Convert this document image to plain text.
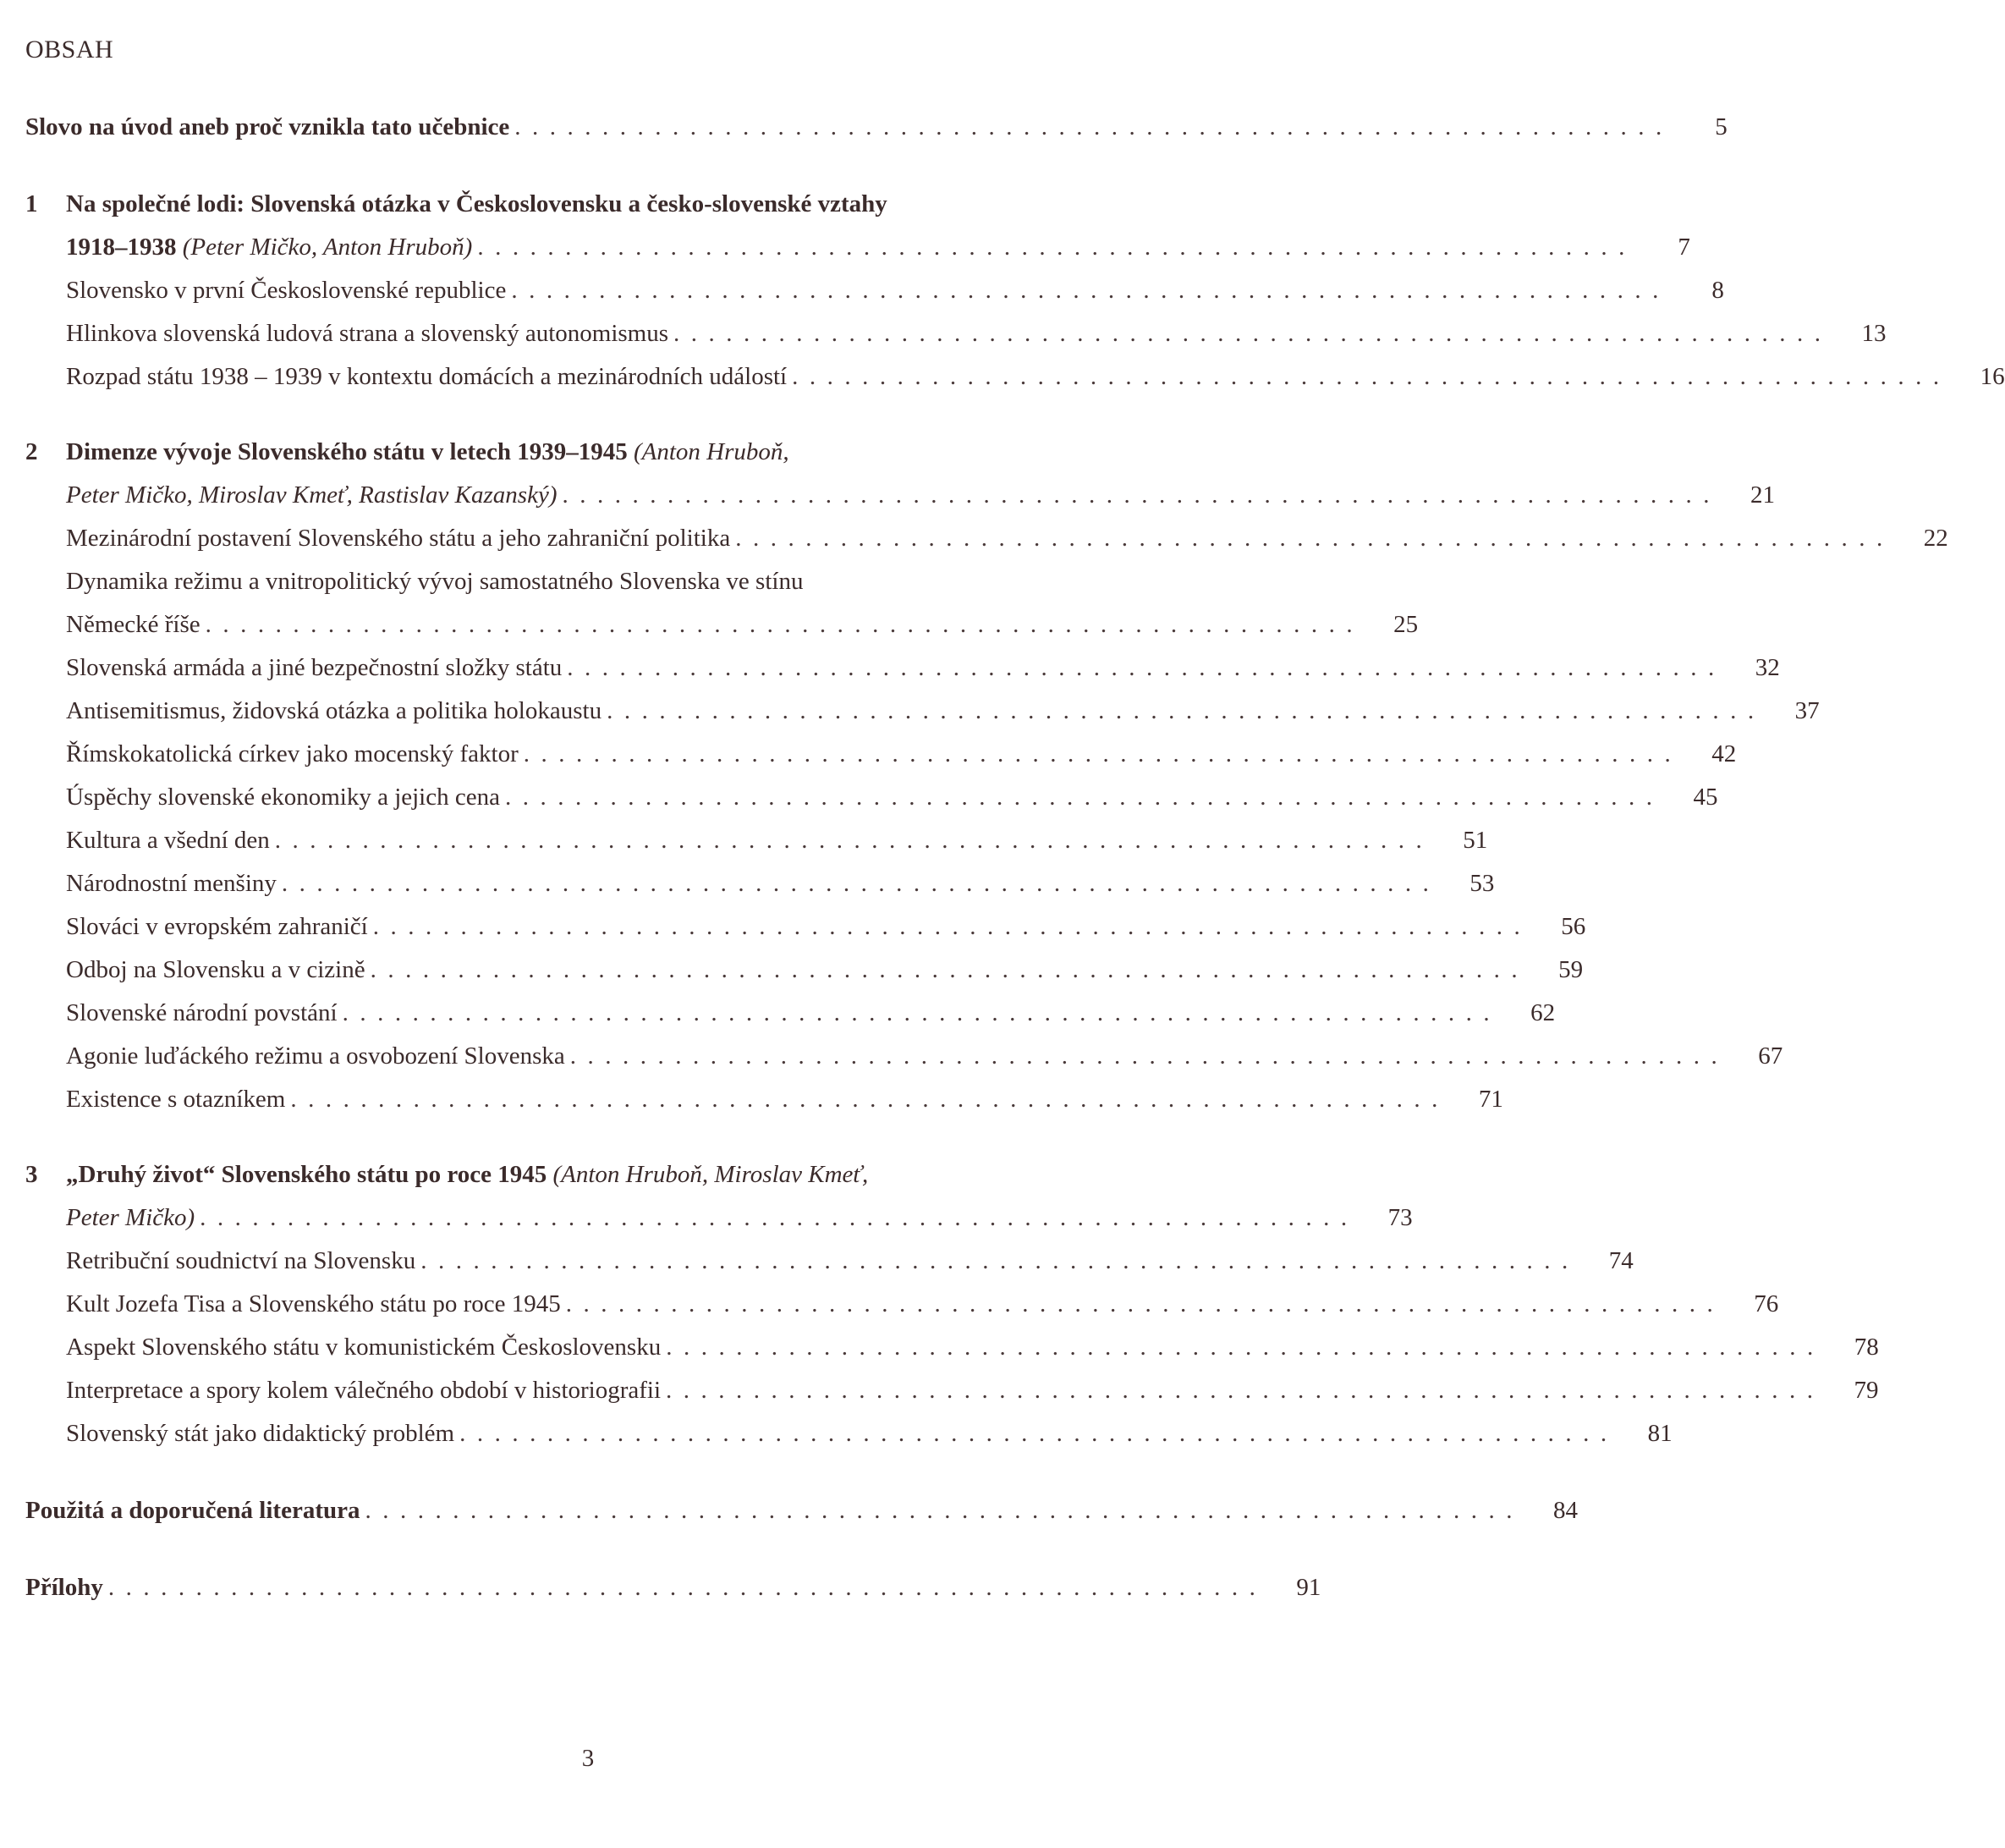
OBSAH
Slovo na úvod aneb proč vznikla tato učebnice ..................................................................	5
1	Na společné lodi: Slovenská otázka v Československu a česko-slovenské vztahy
1918–1938 (Peter Mičko, Anton Hruboň) ..................................................................	7
Slovensko v první Československé republice ..................................................................	8
Hlinkova slovenská ludová strana a slovenský autonomismus ..................................................................	13
Rozpad státu 1938 – 1939 v kontextu domácích a mezinárodních událostí ..................................................................	16
2	Dimenze vývoje Slovenského státu v letech 1939–1945 (Anton Hruboň,
Peter Mičko, Miroslav Kmeť, Rastislav Kazanský) ..................................................................	21
Mezinárodní postavení Slovenského státu a jeho zahraniční politika ..................................................................	22
Dynamika režimu a vnitropolitický vývoj samostatného Slovenska ve stínu
Německé říše ..................................................................	25
Slovenská armáda a jiné bezpečnostní složky státu ..................................................................	32
Antisemitismus, židovská otázka a politika holokaustu ..................................................................	37
Římskokatolická církev jako mocenský faktor ..................................................................	42
Úspěchy slovenské ekonomiky a jejich cena ..................................................................	45
Kultura a všední den ..................................................................	51
Národnostní menšiny ..................................................................	53
Slováci v evropském zahraničí ..................................................................	56
Odboj na Slovensku a v cizině ..................................................................	59
Slovenské národní povstání ..................................................................	62
Agonie luďáckého režimu a osvobození Slovenska ..................................................................	67
Existence s otazníkem ..................................................................	71
3	„Druhý život“ Slovenského státu po roce 1945 (Anton Hruboň, Miroslav Kmeť,
Peter Mičko) ..................................................................	73
Retribuční soudnictví na Slovensku ..................................................................	74
Kult Jozefa Tisa a Slovenského státu po roce 1945 ..................................................................	76
Aspekt Slovenského státu v komunistickém Československu ..................................................................	78
Interpretace a spory kolem válečného období v historiografii ..................................................................	79
Slovenský stát jako didaktický problém ..................................................................	81
Použitá a doporučená literatura ..................................................................	84
Přílohy ..................................................................	91
3
